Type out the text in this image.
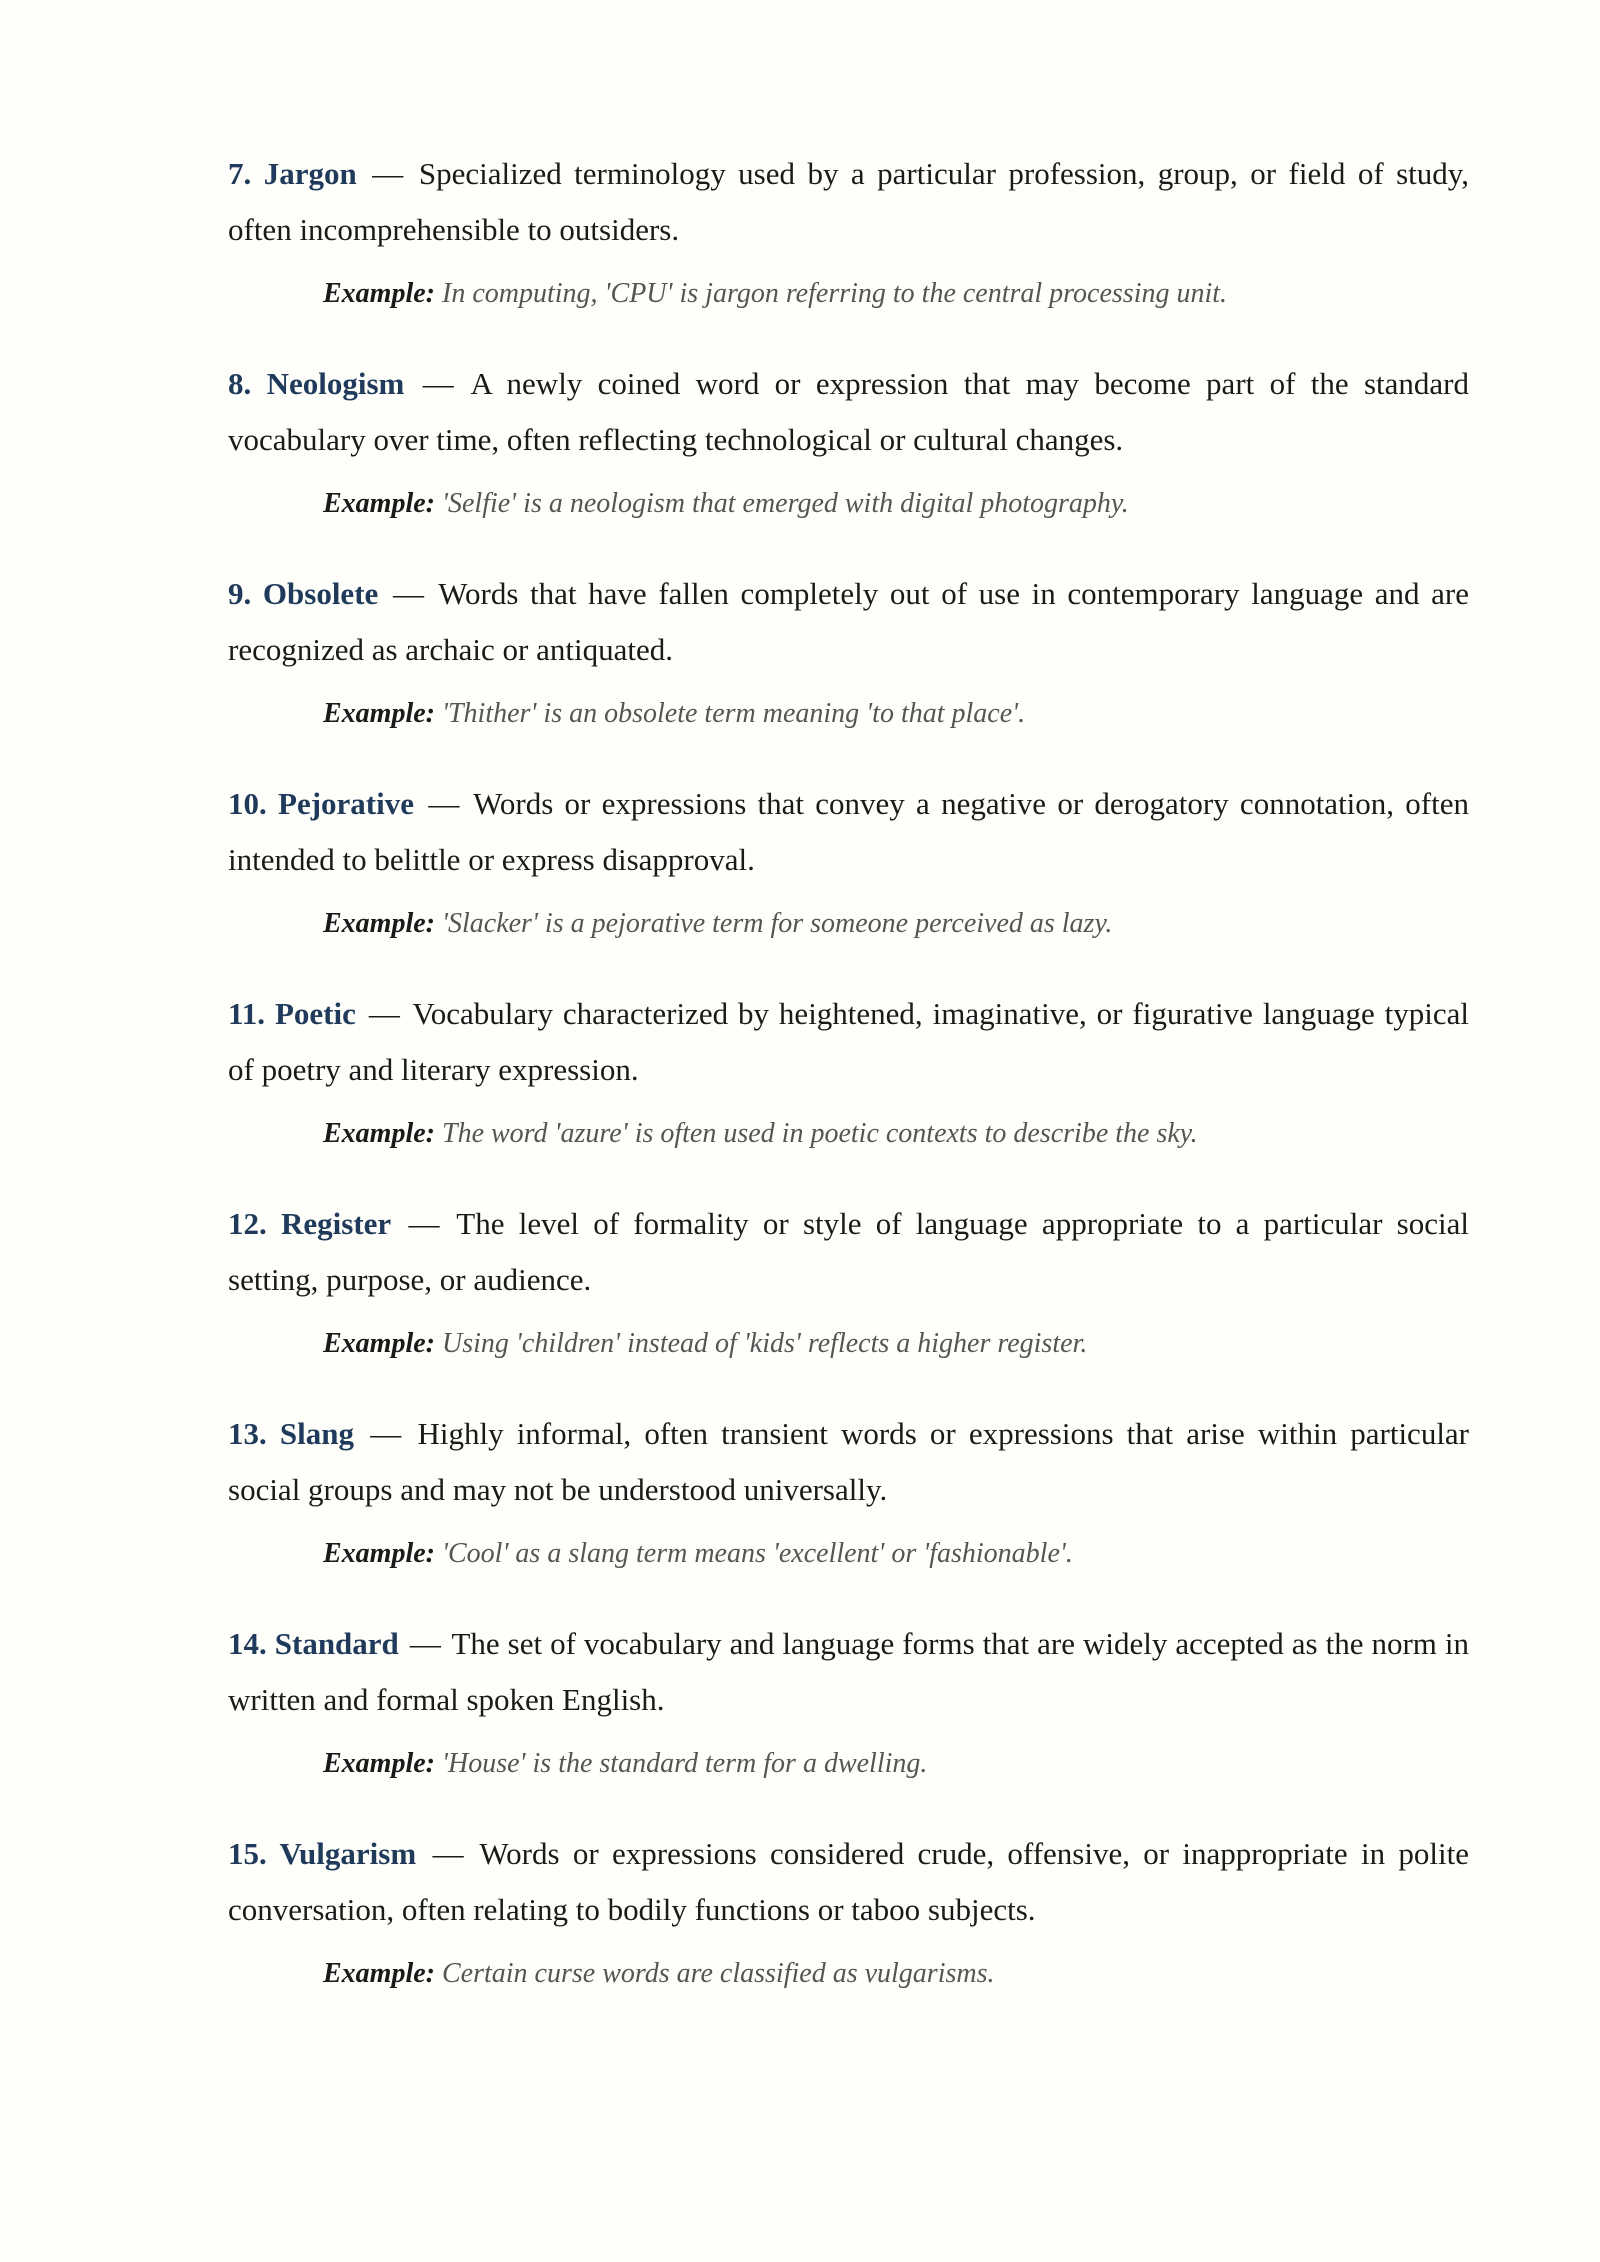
7. Jargon — Specialized terminology used by a particular profession, group, or field of study, often incomprehensible to outsiders.

Example: In computing, 'CPU' is jargon referring to the central processing unit.

8. Neologism — A newly coined word or expression that may become part of the standard vocabulary over time, often reflecting technological or cultural changes.

Example: 'Selfie' is a neologism that emerged with digital photography.

9. Obsolete — Words that have fallen completely out of use in contemporary language and are recognized as archaic or antiquated.

Example: 'Thither' is an obsolete term meaning 'to that place'.

10. Pejorative — Words or expressions that convey a negative or derogatory connotation, often intended to belittle or express disapproval.

Example: 'Slacker' is a pejorative term for someone perceived as lazy.

11. Poetic — Vocabulary characterized by heightened, imaginative, or figurative language typical of poetry and literary expression.

Example: The word 'azure' is often used in poetic contexts to describe the sky.

12. Register — The level of formality or style of language appropriate to a particular social setting, purpose, or audience.

Example: Using 'children' instead of 'kids' reflects a higher register.

13. Slang — Highly informal, often transient words or expressions that arise within particular social groups and may not be understood universally.

Example: 'Cool' as a slang term means 'excellent' or 'fashionable'.

14. Standard — The set of vocabulary and language forms that are widely accepted as the norm in written and formal spoken English.

Example: 'House' is the standard term for a dwelling.

15. Vulgarism — Words or expressions considered crude, offensive, or inappropriate in polite conversation, often relating to bodily functions or taboo subjects.

Example: Certain curse words are classified as vulgarisms.
